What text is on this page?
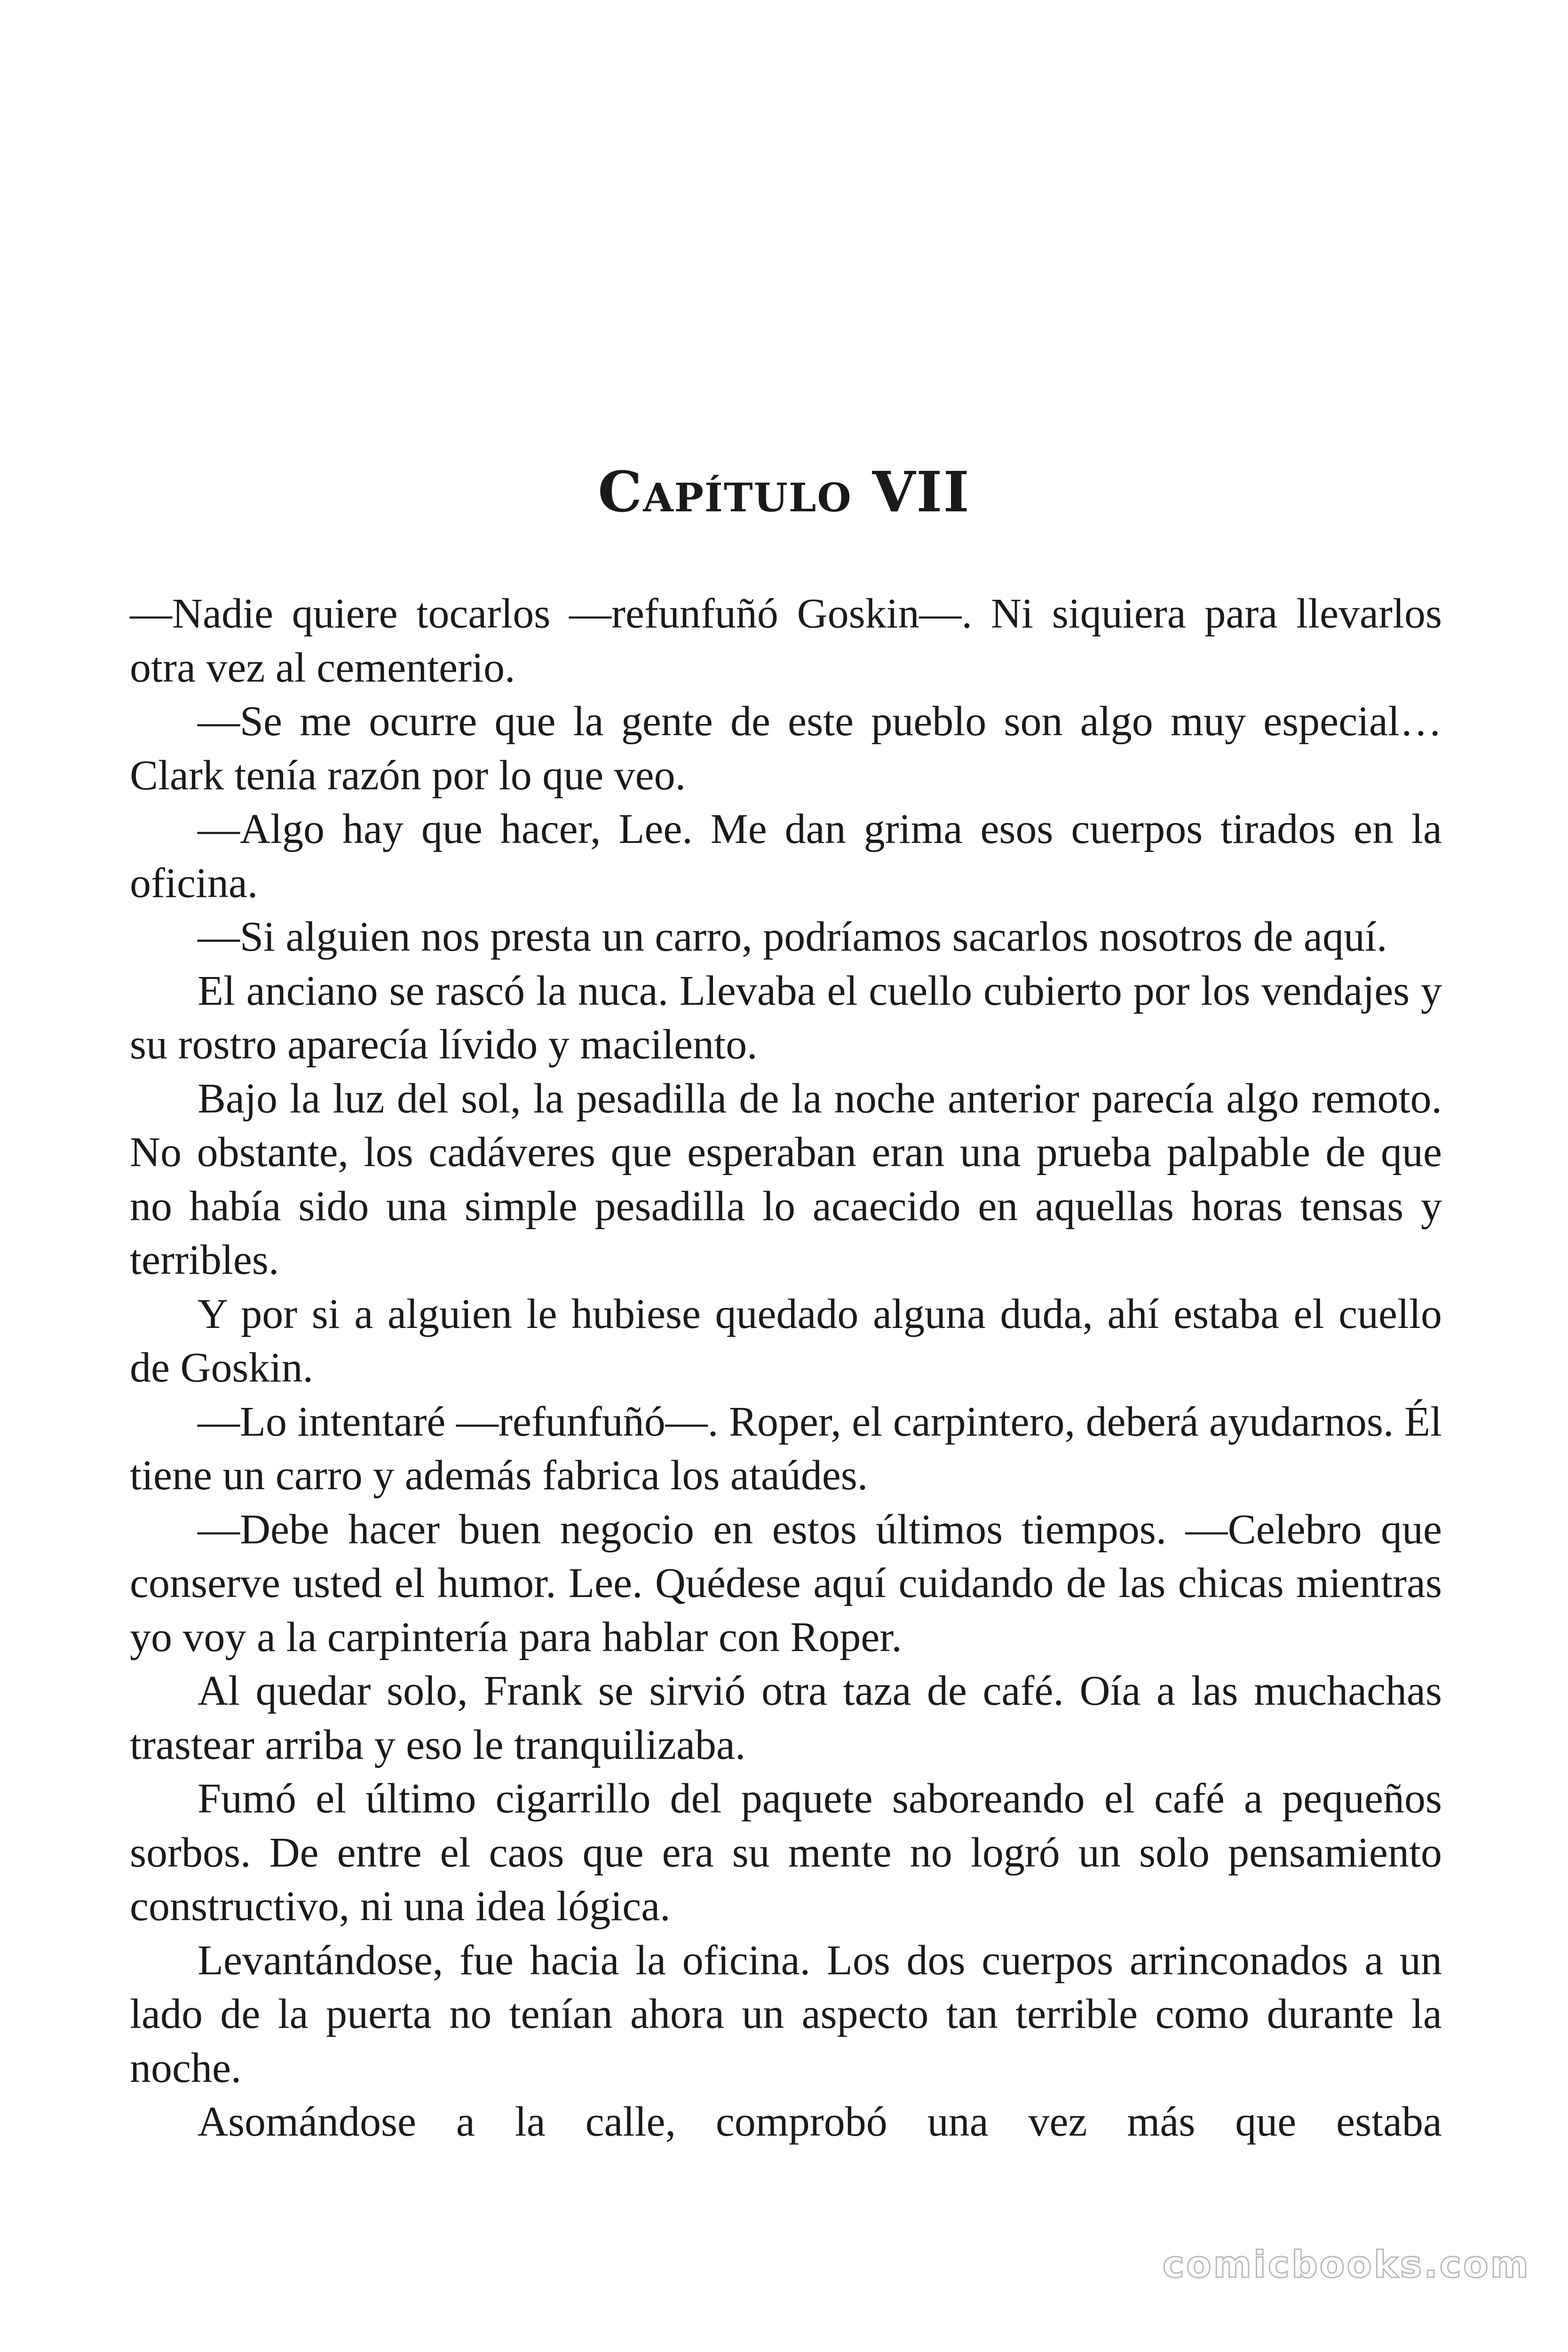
Capítulo VII

—Nadie quiere tocarlos —refunfuñó Goskin—. Ni siquiera para llevarlos otra vez al cementerio.

—Se me ocurre que la gente de este pueblo son algo muy especial… Clark tenía razón por lo que veo.

—Algo hay que hacer, Lee. Me dan grima esos cuerpos tirados en la oficina.

—Si alguien nos presta un carro, podríamos sacarlos nosotros de aquí.

El anciano se rascó la nuca. Llevaba el cuello cubierto por los vendajes y su rostro aparecía lívido y macilento.

Bajo la luz del sol, la pesadilla de la noche anterior parecía algo remoto. No obstante, los cadáveres que esperaban eran una prueba palpable de que no había sido una simple pesadilla lo acaecido en aquellas horas tensas y terribles.

Y por si a alguien le hubiese quedado alguna duda, ahí estaba el cuello de Goskin.

—Lo intentaré —refunfuñó—. Roper, el carpintero, deberá ayudarnos. Él tiene un carro y además fabrica los ataúdes.

—Debe hacer buen negocio en estos últimos tiempos. —Celebro que conserve usted el humor. Lee. Quédese aquí cuidando de las chicas mientras yo voy a la carpintería para hablar con Roper.

Al quedar solo, Frank se sirvió otra taza de café. Oía a las muchachas trastear arriba y eso le tranquilizaba.

Fumó el último cigarrillo del paquete saboreando el café a pequeños sorbos. De entre el caos que era su mente no logró un solo pensamiento constructivo, ni una idea lógica.

Levantándose, fue hacia la oficina. Los dos cuerpos arrinconados a un lado de la puerta no tenían ahora un aspecto tan terrible como durante la noche.

Asomándose a la calle, comprobó una vez más que estaba

comicbooks.com
